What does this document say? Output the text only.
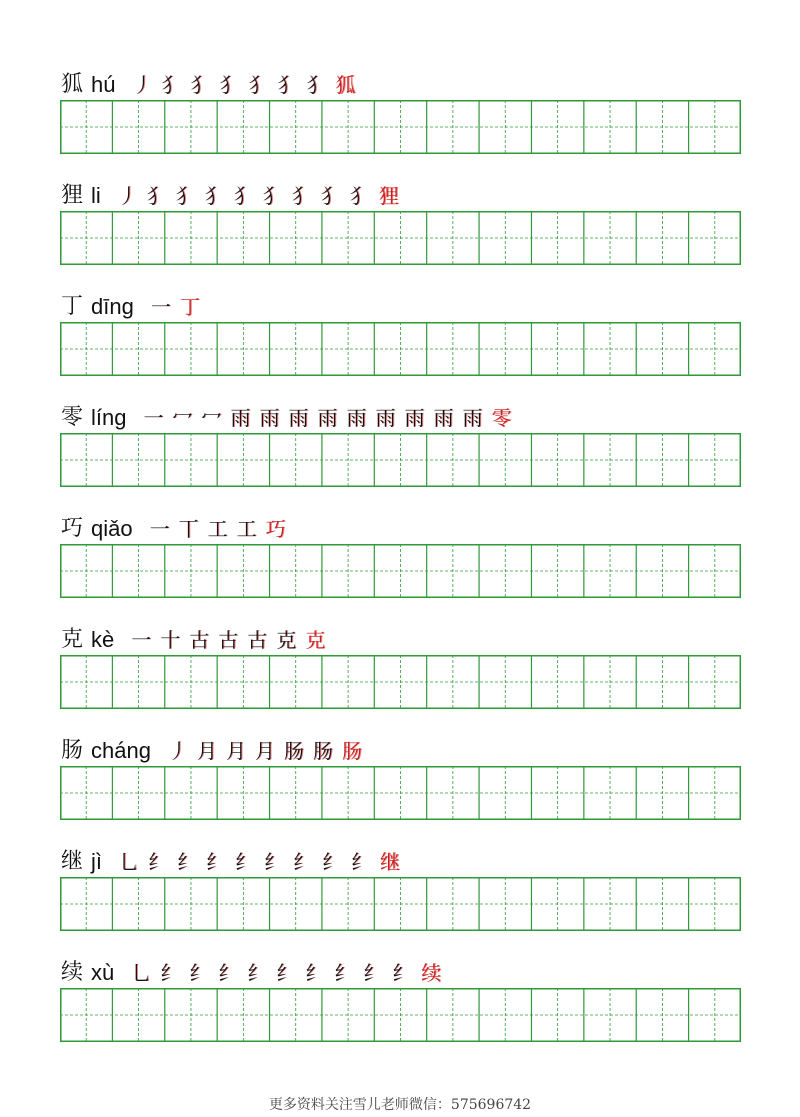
狐 hú 丿 犭 犭 犭 犭 犭 犭 狐
狸 li 丿 犭 犭 犭 犭 犭 犭 犭 犭 狸
丁 dīng 一 丁
零 líng 一 冖 冖 雨 雨 雨 雨 雨 雨 雨 雨 雨 零
巧 qiǎo 一 丅 工 工 巧
克 kè 一 十 古 古 古 克 克
肠 cháng 丿 月 月 月 肠 肠 肠
继 jì 乚 纟 纟 纟 纟 纟 纟 纟 纟 继
续 xù 乚 纟 纟 纟 纟 纟 纟 纟 纟 纟 续
更多资料关注雪儿老师微信：575696742
